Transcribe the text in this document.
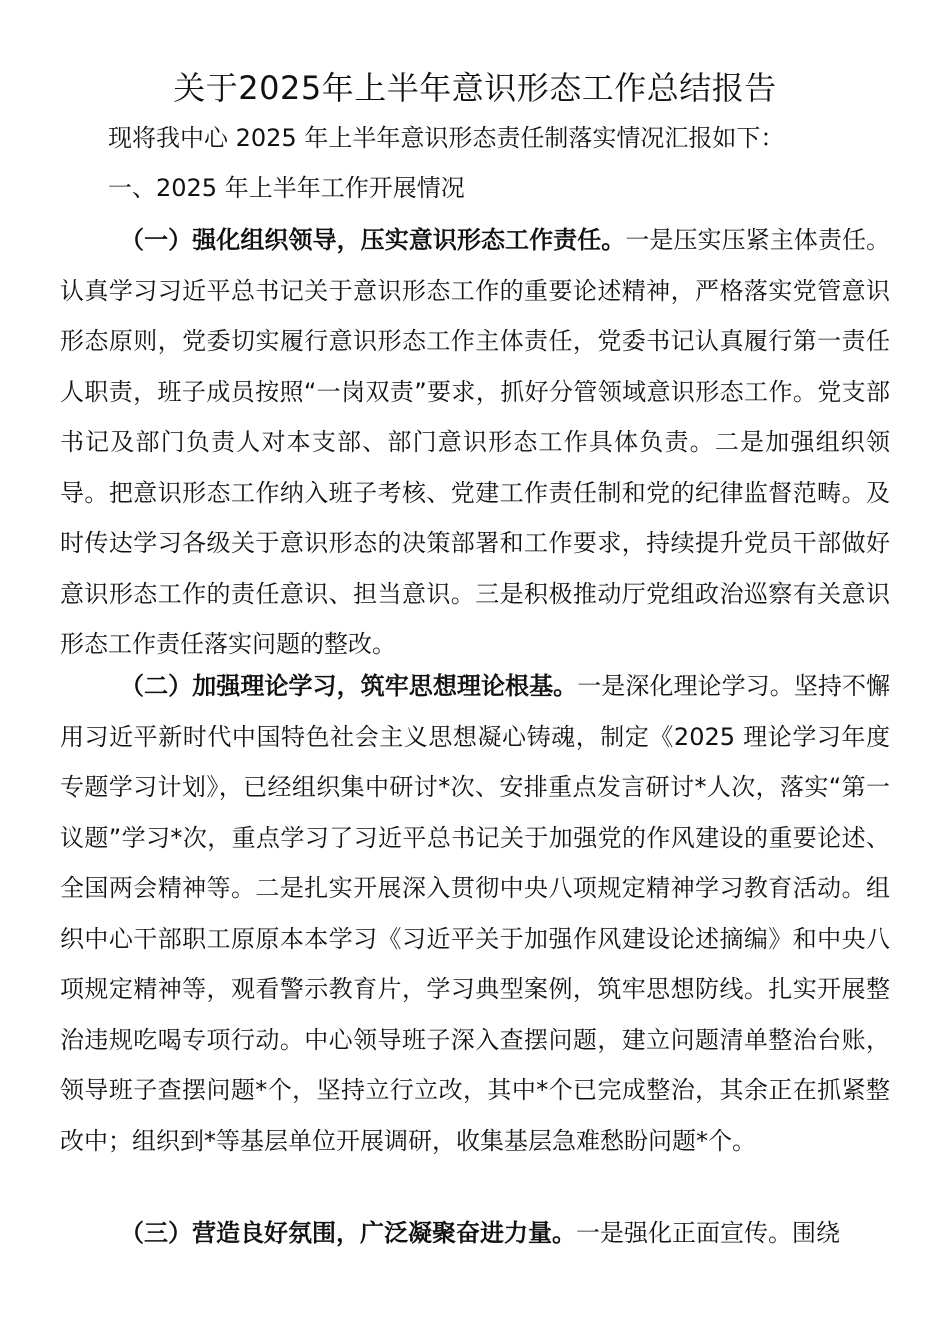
关于2025年上半年意识形态工作总结报告

现将我中心 2025 年上半年意识形态责任制落实情况汇报如下：

一、2025 年上半年工作开展情况

（一）强化组织领导，压实意识形态工作责任。一是压实压紧主体责任。认真学习习近平总书记关于意识形态工作的重要论述精神，严格落实党管意识形态原则，党委切实履行意识形态工作主体责任，党委书记认真履行第一责任人职责，班子成员按照“一岗双责”要求，抓好分管领域意识形态工作。党支部书记及部门负责人对本支部、部门意识形态工作具体负责。二是加强组织领导。把意识形态工作纳入班子考核、党建工作责任制和党的纪律监督范畴。及时传达学习各级关于意识形态的决策部署和工作要求，持续提升党员干部做好意识形态工作的责任意识、担当意识。三是积极推动厅党组政治巡察有关意识形态工作责任落实问题的整改。

（二）加强理论学习，筑牢思想理论根基。一是深化理论学习。坚持不懈用习近平新时代中国特色社会主义思想凝心铸魂，制定《2025 理论学习年度专题学习计划》，已经组织集中研讨*次、安排重点发言研讨*人次，落实“第一议题”学习*次，重点学习了习近平总书记关于加强党的作风建设的重要论述、全国两会精神等。二是扎实开展深入贯彻中央八项规定精神学习教育活动。组织中心干部职工原原本本学习《习近平关于加强作风建设论述摘编》和中央八项规定精神等，观看警示教育片，学习典型案例，筑牢思想防线。扎实开展整治违规吃喝专项行动。中心领导班子深入查摆问题，建立问题清单整治台账，领导班子查摆问题*个，坚持立行立改，其中*个已完成整治，其余正在抓紧整改中；组织到*等基层单位开展调研，收集基层急难愁盼问题*个。

（三）营造良好氛围，广泛凝聚奋进力量。一是强化正面宣传。围绕
